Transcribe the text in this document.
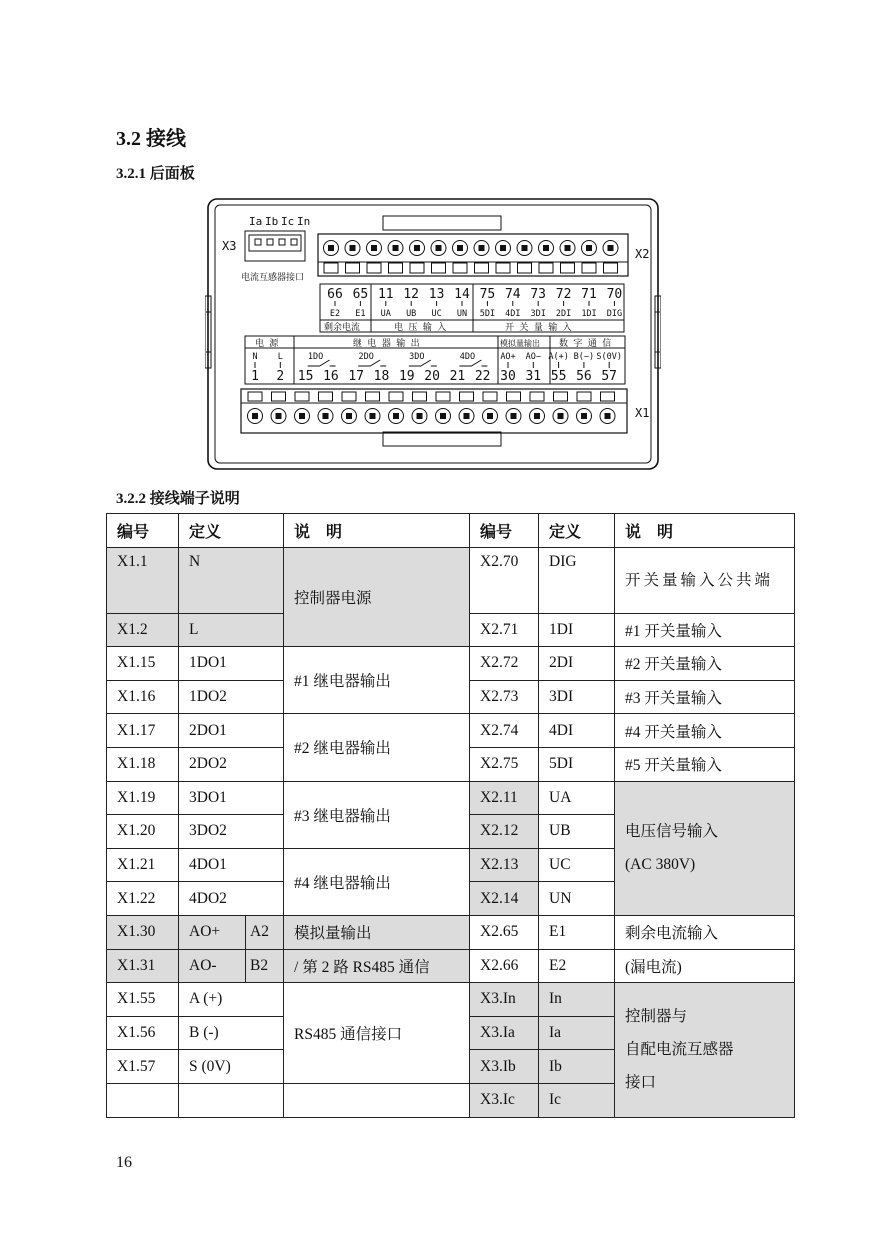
3.2 接线
3.2.1 后面板
Ia Ib Ic In
X3
电流互感器接口
X2
66
E2
65
E1
11
UA
12
UB
13
UC
14
UN
75
5DI
74
4DI
73
3DI
72
2DI
71
1DI
70
DIG
剩余电流	电 压 输 入	开 关 量 输 入
电 源	继 电 器 输 出	模拟量输出 数 字 通 信
1
N
2
L
15 16 17 18 19 20 21 22 30
AO+
31
AO−
55
A(+)
56
B(−)
57
S(0V)
1DO	2DO	3DO	4DO
X1
3.2.2 接线端子说明
编号	定义		说　明	编号	定义	说　明
X1.1	N		控制器电源	X2.70	DIG	开关量输入公共端
X1.2	L			X2.71	1DI	#1 开关量输入
X1.15	1DO1		#1 继电器输出	X2.72	2DI	#2 开关量输入
X1.16	1DO2			X2.73	3DI	#3 开关量输入
X1.17	2DO1		#2 继电器输出	X2.74	4DI	#4 开关量输入
X1.18	2DO2			X2.75	5DI	#5 开关量输入
X1.19	3DO1		#3 继电器输出	X2.11	UA	电压信号输入
(AC 380V)

X1.20	3DO2			X2.12	UB	
X1.21	4DO1		#4 继电器输出	X2.13	UC	
X1.22	4DO2			X2.14	UN	
X1.30	AO+	A2	模拟量输出	X2.65	E1	剩余电流输入
X1.31	AO-	B2	/ 第 2 路 RS485 通信	X2.66	E2	(漏电流)
X1.55	A (+)		RS485 通信接口	X3.In	In	控制器与
自配电流互感器
接口

X1.56	B (-)			X3.Ia	Ia	
X1.57	S (0V)			X3.Ib	Ib	
				X3.Ic	Ic	
16
